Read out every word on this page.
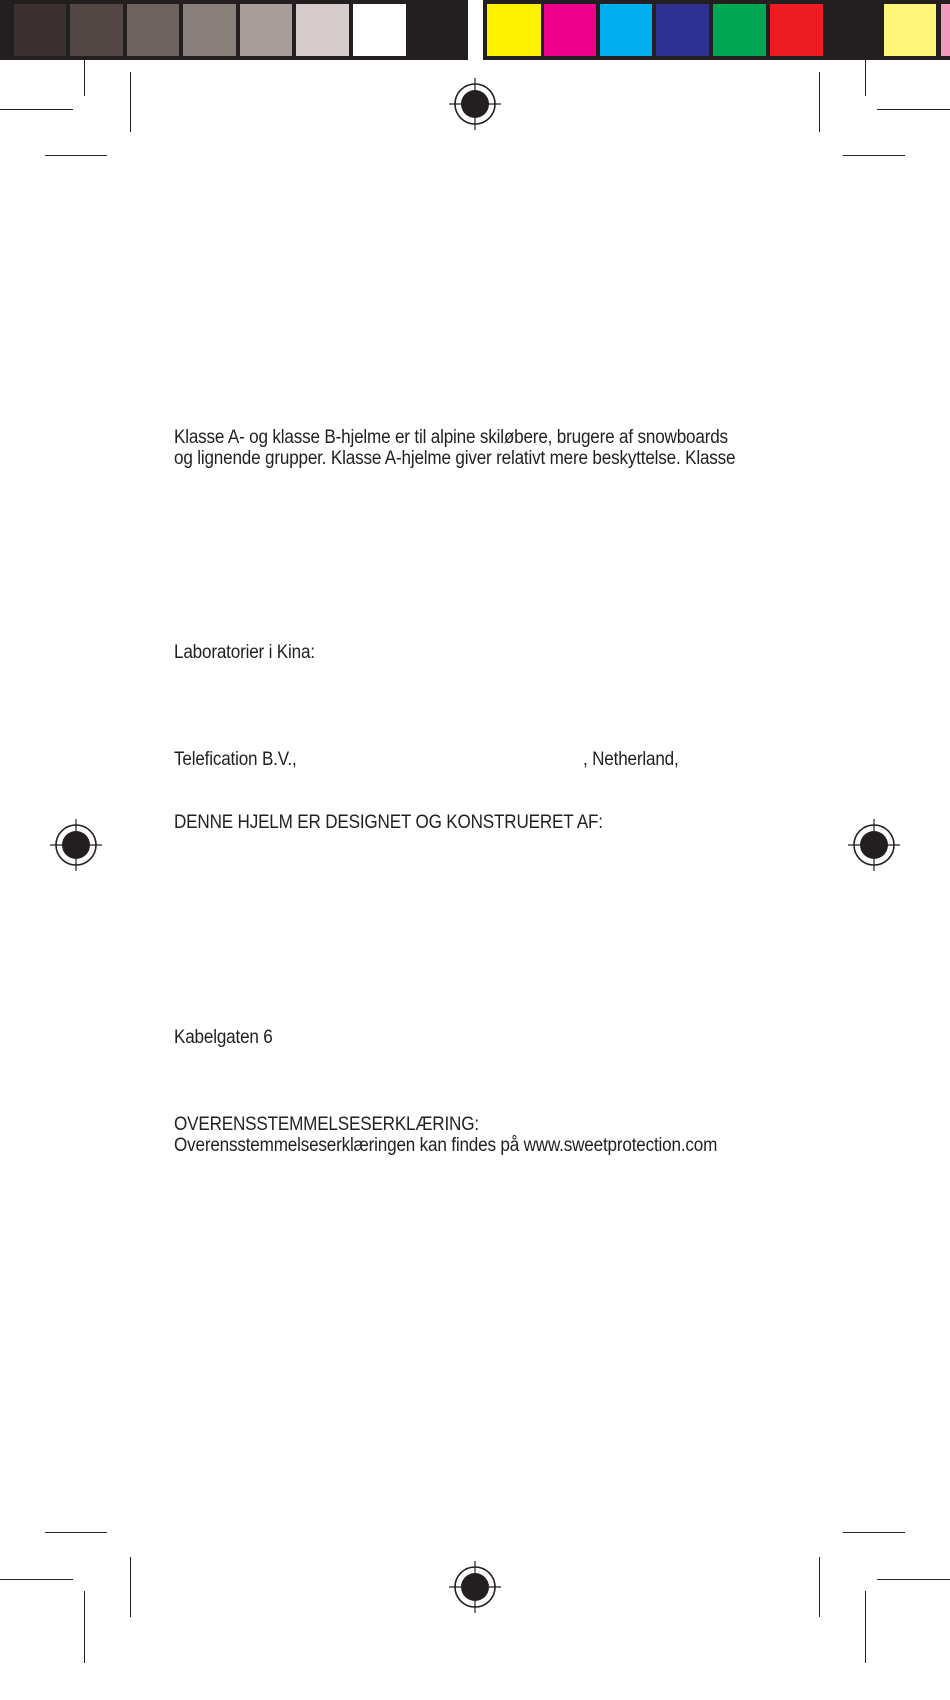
Klasse A- og klasse B-hjelme er til alpine skiløbere, brugere af snowboards
og lignende grupper. Klasse A-hjelme giver relativt mere beskyttelse. Klasse
Laboratorier i Kina:
Telefication B.V.,	, Netherland,
DENNE HJELM ER DESIGNET OG KONSTRUERET AF:
Kabelgaten 6
OVERENSSTEMMELSESERKLÆRING:
Overensstemmelseserklæringen kan findes på www.sweetprotection.com
